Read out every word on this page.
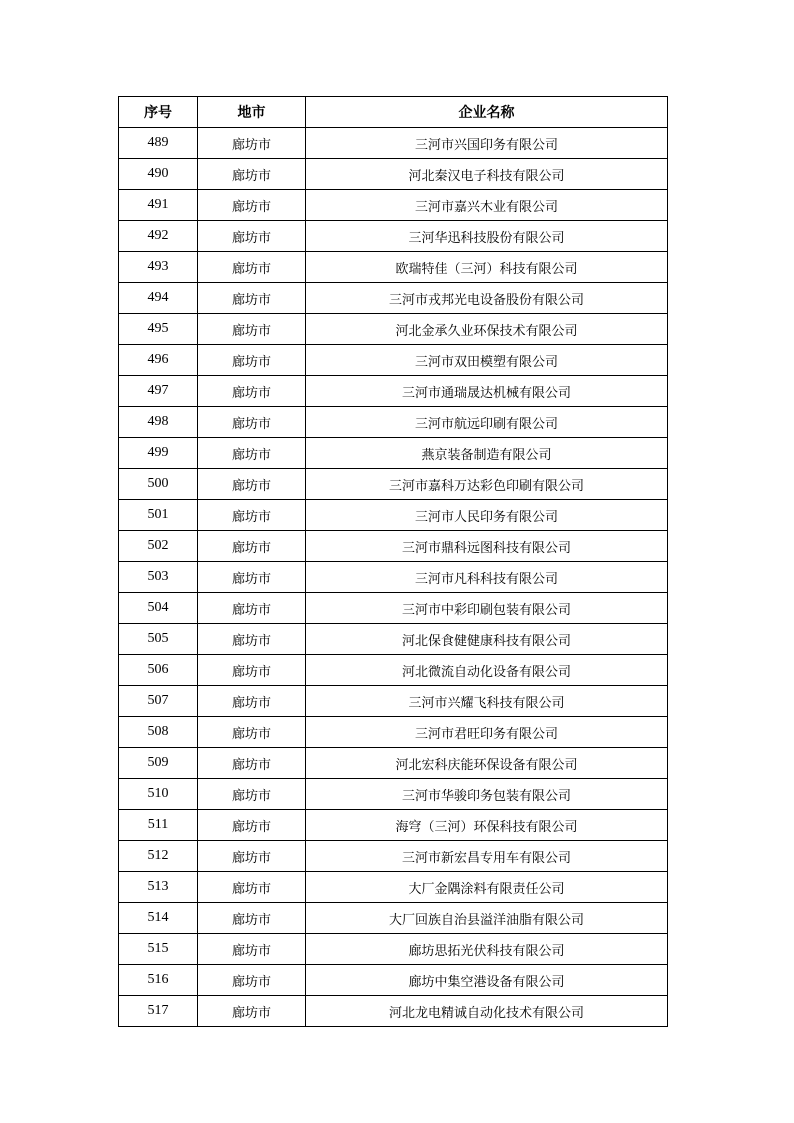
序号	地市	企业名称
489	廊坊市	三河市兴国印务有限公司
490	廊坊市	河北秦汉电子科技有限公司
491	廊坊市	三河市嘉兴木业有限公司
492	廊坊市	三河华迅科技股份有限公司
493	廊坊市	欧瑞特佳（三河）科技有限公司
494	廊坊市	三河市戎邦光电设备股份有限公司
495	廊坊市	河北金承久业环保技术有限公司
496	廊坊市	三河市双田模塑有限公司
497	廊坊市	三河市通瑞晟达机械有限公司
498	廊坊市	三河市航远印刷有限公司
499	廊坊市	燕京装备制造有限公司
500	廊坊市	三河市嘉科万达彩色印刷有限公司
501	廊坊市	三河市人民印务有限公司
502	廊坊市	三河市鼎科远图科技有限公司
503	廊坊市	三河市凡科科技有限公司
504	廊坊市	三河市中彩印刷包装有限公司
505	廊坊市	河北保食健健康科技有限公司
506	廊坊市	河北微流自动化设备有限公司
507	廊坊市	三河市兴耀飞科技有限公司
508	廊坊市	三河市君旺印务有限公司
509	廊坊市	河北宏科庆能环保设备有限公司
510	廊坊市	三河市华骏印务包装有限公司
511	廊坊市	海穹（三河）环保科技有限公司
512	廊坊市	三河市新宏昌专用车有限公司
513	廊坊市	大厂金隅涂料有限责任公司
514	廊坊市	大厂回族自治县溢洋油脂有限公司
515	廊坊市	廊坊思拓光伏科技有限公司
516	廊坊市	廊坊中集空港设备有限公司
517	廊坊市	河北龙电精诚自动化技术有限公司
